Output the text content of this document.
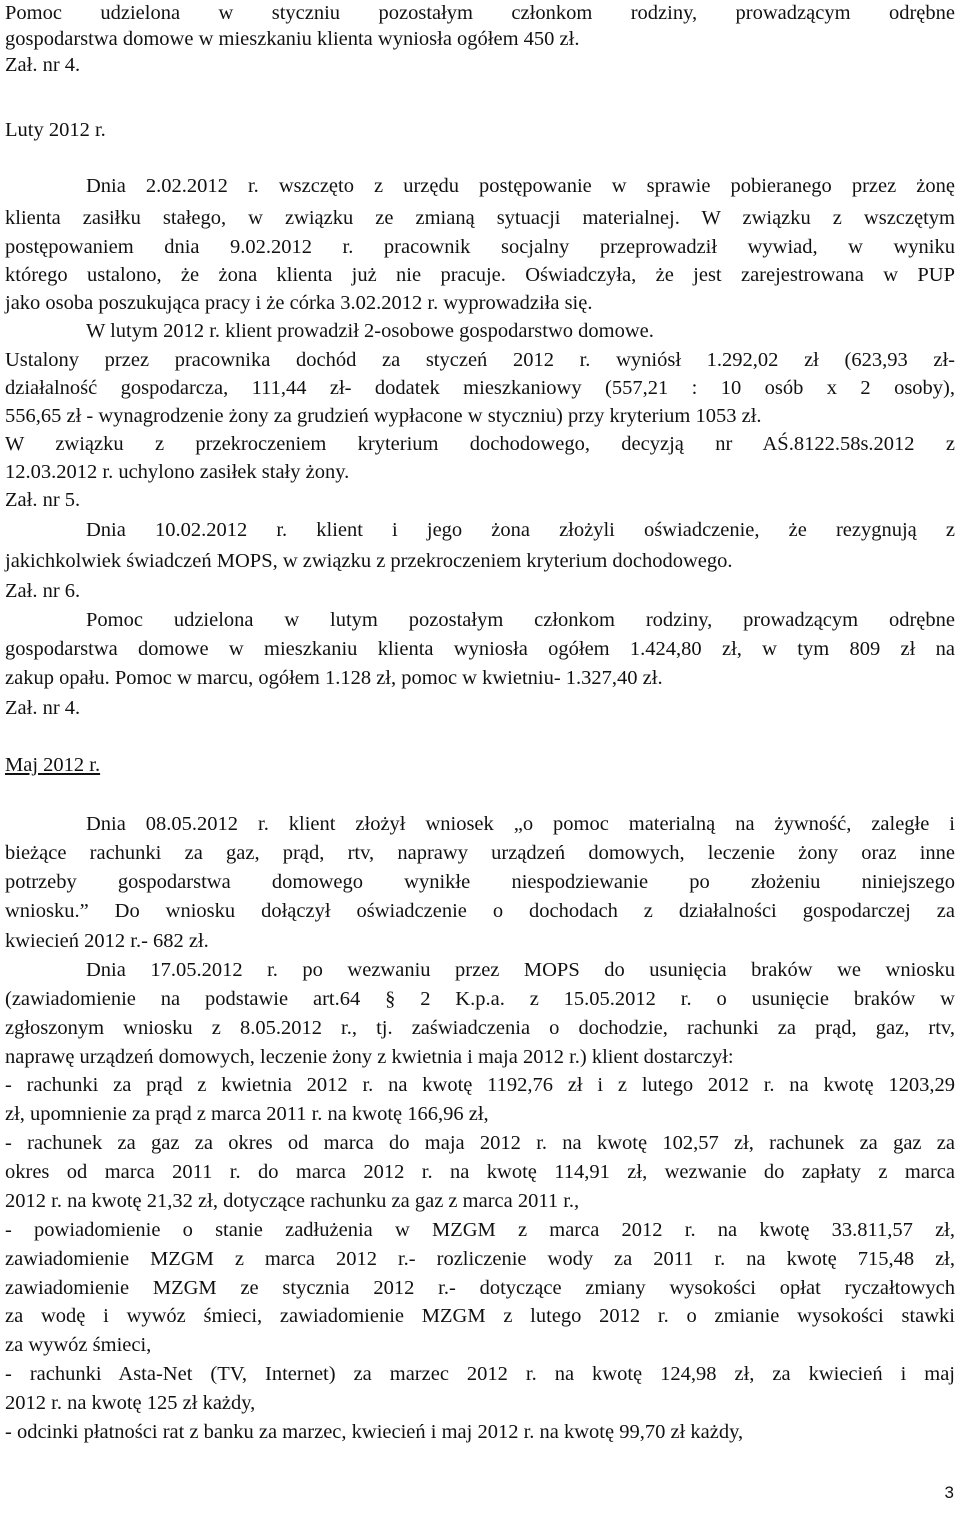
Pomoc udzielona w styczniu pozostałym członkom rodziny, prowadzącym odrębne
gospodarstwa domowe w mieszkaniu klienta wyniosła ogółem 450 zł.
Zał. nr 4.
Luty 2012 r.
Dnia 2.02.2012 r. wszczęto z urzędu postępowanie w sprawie pobieranego przez żonę
klienta zasiłku stałego, w związku ze zmianą sytuacji materialnej. W związku z wszczętym
postępowaniem dnia 9.02.2012 r. pracownik socjalny przeprowadził wywiad, w wyniku
którego ustalono, że żona klienta już nie pracuje. Oświadczyła, że jest zarejestrowana w PUP
jako osoba poszukująca pracy i że córka 3.02.2012 r. wyprowadziła się.
W lutym 2012 r. klient prowadził 2-osobowe gospodarstwo domowe.
Ustalony przez pracownika dochód za styczeń 2012 r. wyniósł 1.292,02 zł (623,93 zł-
działalność gospodarcza, 111,44 zł- dodatek mieszkaniowy (557,21 : 10 osób x 2 osoby),
556,65 zł - wynagrodzenie żony za grudzień wypłacone w styczniu) przy kryterium 1053 zł.
W związku z przekroczeniem kryterium dochodowego, decyzją nr AŚ.8122.58s.2012 z
12.03.2012 r. uchylono zasiłek stały żony.
Zał. nr 5.
Dnia 10.02.2012 r. klient i jego żona złożyli oświadczenie, że rezygnują z
jakichkolwiek świadczeń MOPS, w związku z przekroczeniem kryterium dochodowego.
Zał. nr 6.
Pomoc udzielona w lutym pozostałym członkom rodziny, prowadzącym odrębne
gospodarstwa domowe w mieszkaniu klienta wyniosła ogółem 1.424,80 zł, w tym 809 zł na
zakup opału. Pomoc w marcu, ogółem 1.128 zł, pomoc w kwietniu- 1.327,40 zł.
Zał. nr 4.
Maj 2012 r.
Dnia 08.05.2012 r. klient złożył wniosek „o pomoc materialną na żywność, zaległe i
bieżące rachunki za gaz, prąd, rtv, naprawy urządzeń domowych, leczenie żony oraz inne
potrzeby gospodarstwa domowego wynikłe niespodziewanie po złożeniu niniejszego
wniosku.” Do wniosku dołączył oświadczenie o dochodach z działalności gospodarczej za
kwiecień 2012 r.- 682 zł.
Dnia 17.05.2012 r. po wezwaniu przez MOPS do usunięcia braków we wniosku
(zawiadomienie na podstawie art.64 § 2 K.p.a. z 15.05.2012 r. o usunięcie braków w
zgłoszonym wniosku z 8.05.2012 r., tj. zaświadczenia o dochodzie, rachunki za prąd, gaz, rtv,
naprawę urządzeń domowych, leczenie żony z kwietnia i maja 2012 r.) klient dostarczył:
- rachunki za prąd z kwietnia 2012 r. na kwotę 1192,76 zł i z lutego 2012 r. na kwotę 1203,29
zł, upomnienie za prąd z marca 2011 r. na kwotę 166,96 zł,
- rachunek za gaz za okres od marca do maja 2012 r. na kwotę 102,57 zł, rachunek za gaz za
okres od marca 2011 r. do marca 2012 r. na kwotę 114,91 zł, wezwanie do zapłaty z marca
2012 r. na kwotę 21,32 zł, dotyczące rachunku za gaz z marca 2011 r.,
- powiadomienie o stanie zadłużenia w MZGM z marca 2012 r. na kwotę 33.811,57 zł,
zawiadomienie MZGM z marca 2012 r.- rozliczenie wody za 2011 r. na kwotę 715,48 zł,
zawiadomienie MZGM ze stycznia 2012 r.- dotyczące zmiany wysokości opłat ryczałtowych
za wodę i wywóz śmieci, zawiadomienie MZGM z lutego 2012 r. o zmianie wysokości stawki
za wywóz śmieci,
- rachunki Asta-Net (TV, Internet) za marzec 2012 r. na kwotę 124,98 zł, za kwiecień i maj
2012 r. na kwotę 125 zł każdy,
- odcinki płatności rat z banku za marzec, kwiecień i maj 2012 r. na kwotę 99,70 zł każdy,
3
